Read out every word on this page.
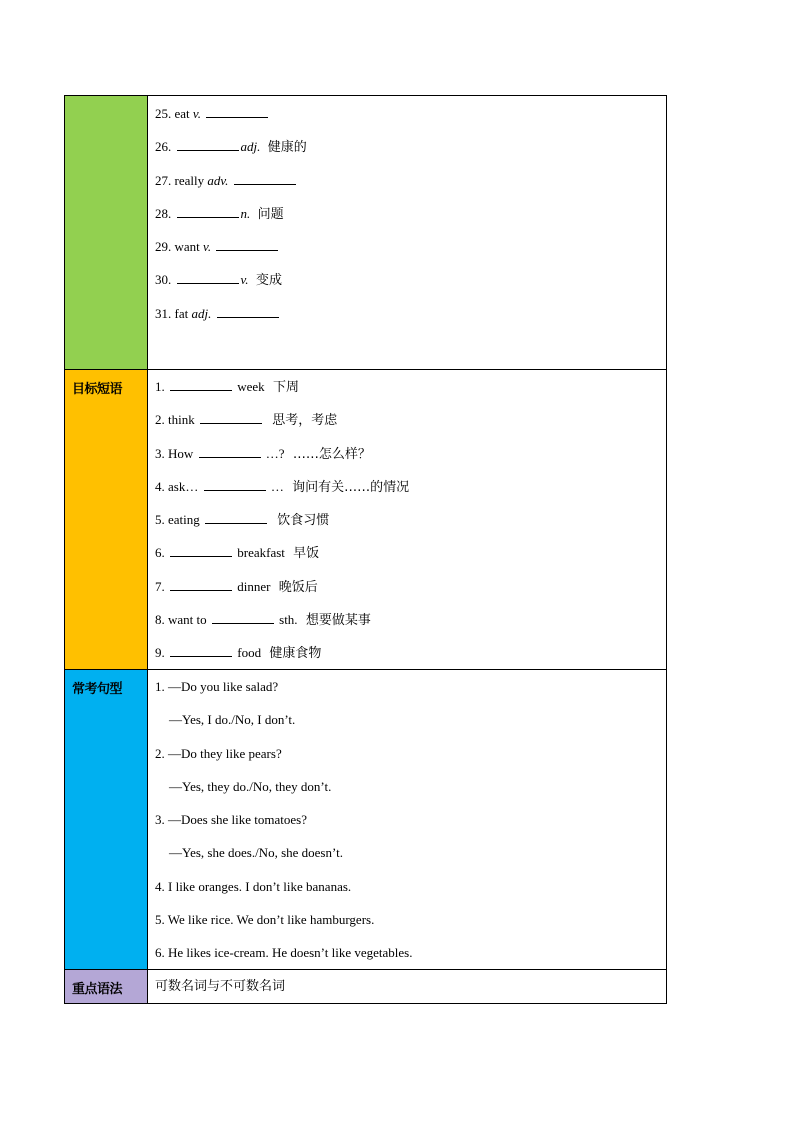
25. eat v.
26.	adj.  健康的
27. really adv.
28.	n.  问题
29. want v.
30.	v.  变成
31. fat adj.
目标短语	1.	week  下周
2. think	思考，考虑
3. How	…?  ……怎么样？
4. ask…	…  询问有关……的情况
5. eating	饮食习惯
6.	breakfast  早饭
7.	dinner  晚饭后
8. want to	sth.  想要做某事
9.	food  健康食物
常考句型	1. —Do you like salad?
—Yes, I do./No, I don’t.
2. —Do they like pears?
—Yes, they do./No, they don’t.
3. —Does she like tomatoes?
—Yes, she does./No, she doesn’t.
4. I like oranges. I don’t like bananas.
5. We like rice. We don’t like hamburgers.
6. He likes ice-cream. He doesn’t like vegetables.
重点语法	可数名词与不可数名词
